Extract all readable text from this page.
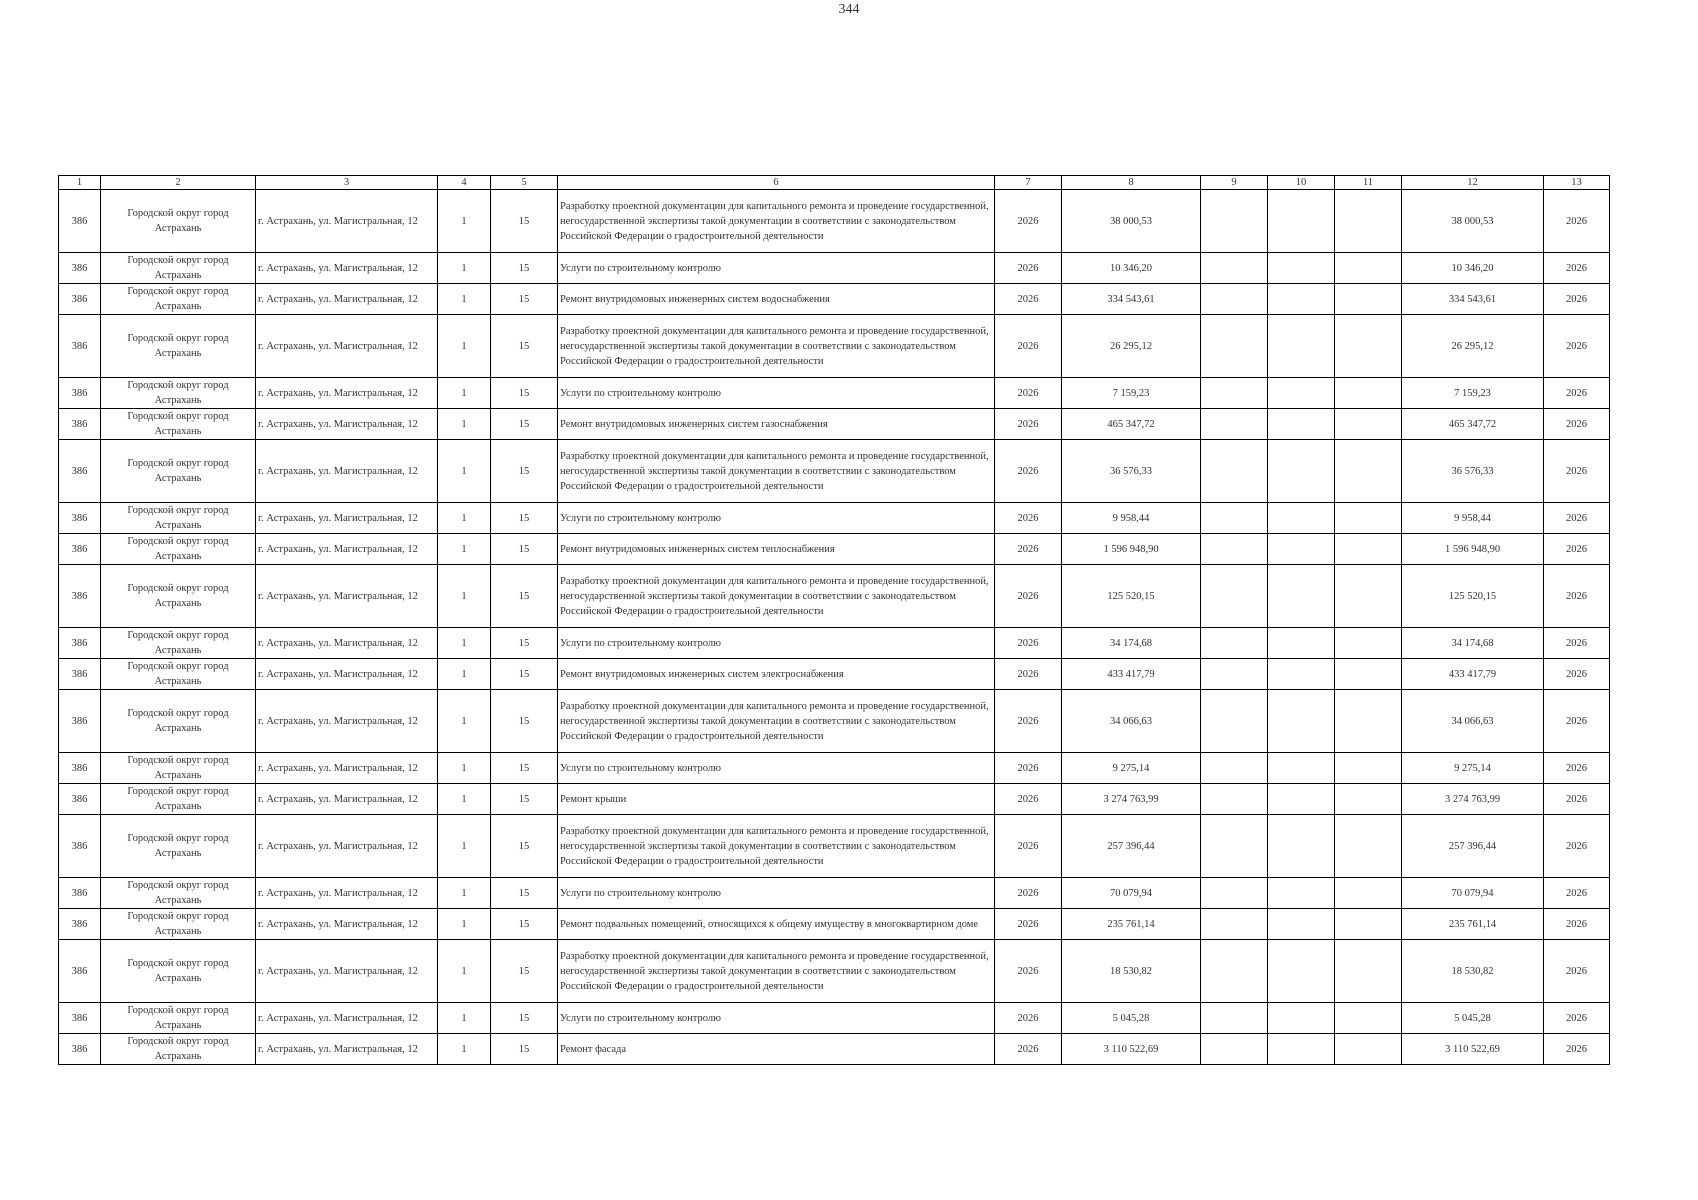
344
1	2	3	4	5	6	7	8	9	10	11	12	13
386	Городской округ город Астрахань	г. Астрахань, ул. Магистральная, 12	1	15	Разработку проектной документации для капитального ремонта и проведение государственной, негосударственной экспертизы такой документации в соответствии с законодательством Российской Федерации о градостроительной деятельности	2026	38 000,53				38 000,53	2026
386	Городской округ город Астрахань	г. Астрахань, ул. Магистральная, 12	1	15	Услуги по строительному контролю	2026	10 346,20				10 346,20	2026
386	Городской округ город Астрахань	г. Астрахань, ул. Магистральная, 12	1	15	Ремонт внутридомовых инженерных систем водоснабжения	2026	334 543,61				334 543,61	2026
386	Городской округ город Астрахань	г. Астрахань, ул. Магистральная, 12	1	15	Разработку проектной документации для капитального ремонта и проведение государственной, негосударственной экспертизы такой документации в соответствии с законодательством Российской Федерации о градостроительной деятельности	2026	26 295,12				26 295,12	2026
386	Городской округ город Астрахань	г. Астрахань, ул. Магистральная, 12	1	15	Услуги по строительному контролю	2026	7 159,23				7 159,23	2026
386	Городской округ город Астрахань	г. Астрахань, ул. Магистральная, 12	1	15	Ремонт внутридомовых инженерных систем газоснабжения	2026	465 347,72				465 347,72	2026
386	Городской округ город Астрахань	г. Астрахань, ул. Магистральная, 12	1	15	Разработку проектной документации для капитального ремонта и проведение государственной, негосударственной экспертизы такой документации в соответствии с законодательством Российской Федерации о градостроительной деятельности	2026	36 576,33				36 576,33	2026
386	Городской округ город Астрахань	г. Астрахань, ул. Магистральная, 12	1	15	Услуги по строительному контролю	2026	9 958,44				9 958,44	2026
386	Городской округ город Астрахань	г. Астрахань, ул. Магистральная, 12	1	15	Ремонт внутридомовых инженерных систем теплоснабжения	2026	1 596 948,90				1 596 948,90	2026
386	Городской округ город Астрахань	г. Астрахань, ул. Магистральная, 12	1	15	Разработку проектной документации для капитального ремонта и проведение государственной, негосударственной экспертизы такой документации в соответствии с законодательством Российской Федерации о градостроительной деятельности	2026	125 520,15				125 520,15	2026
386	Городской округ город Астрахань	г. Астрахань, ул. Магистральная, 12	1	15	Услуги по строительному контролю	2026	34 174,68				34 174,68	2026
386	Городской округ город Астрахань	г. Астрахань, ул. Магистральная, 12	1	15	Ремонт внутридомовых инженерных систем электроснабжения	2026	433 417,79				433 417,79	2026
386	Городской округ город Астрахань	г. Астрахань, ул. Магистральная, 12	1	15	Разработку проектной документации для капитального ремонта и проведение государственной, негосударственной экспертизы такой документации в соответствии с законодательством Российской Федерации о градостроительной деятельности	2026	34 066,63				34 066,63	2026
386	Городской округ город Астрахань	г. Астрахань, ул. Магистральная, 12	1	15	Услуги по строительному контролю	2026	9 275,14				9 275,14	2026
386	Городской округ город Астрахань	г. Астрахань, ул. Магистральная, 12	1	15	Ремонт крыши	2026	3 274 763,99				3 274 763,99	2026
386	Городской округ город Астрахань	г. Астрахань, ул. Магистральная, 12	1	15	Разработку проектной документации для капитального ремонта и проведение государственной, негосударственной экспертизы такой документации в соответствии с законодательством Российской Федерации о градостроительной деятельности	2026	257 396,44				257 396,44	2026
386	Городской округ город Астрахань	г. Астрахань, ул. Магистральная, 12	1	15	Услуги по строительному контролю	2026	70 079,94				70 079,94	2026
386	Городской округ город Астрахань	г. Астрахань, ул. Магистральная, 12	1	15	Ремонт подвальных помещений, относящихся к общему имуществу в многоквартирном доме	2026	235 761,14				235 761,14	2026
386	Городской округ город Астрахань	г. Астрахань, ул. Магистральная, 12	1	15	Разработку проектной документации для капитального ремонта и проведение государственной, негосударственной экспертизы такой документации в соответствии с законодательством Российской Федерации о градостроительной деятельности	2026	18 530,82				18 530,82	2026
386	Городской округ город Астрахань	г. Астрахань, ул. Магистральная, 12	1	15	Услуги по строительному контролю	2026	5 045,28				5 045,28	2026
386	Городской округ город Астрахань	г. Астрахань, ул. Магистральная, 12	1	15	Ремонт фасада	2026	3 110 522,69				3 110 522,69	2026
